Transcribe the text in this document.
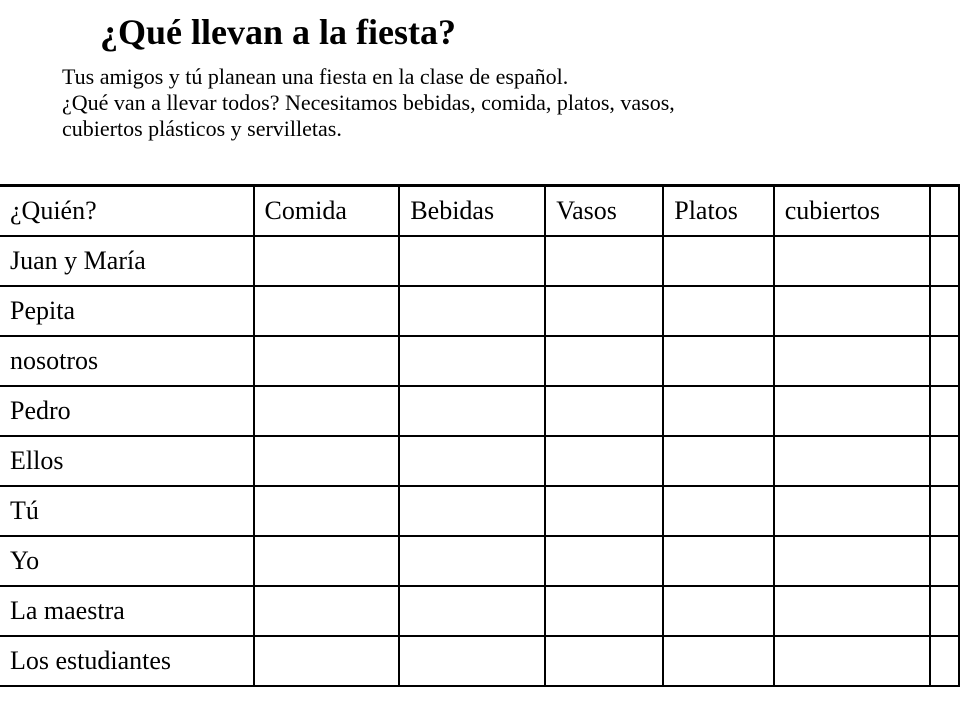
¿Qué llevan a la fiesta?
Tus amigos y tú planean una fiesta en la clase de español.
¿Qué van a llevar todos? Necesitamos bebidas, comida, platos, vasos,
cubiertos plásticos y servilletas.
¿Quién?	Comida	Bebidas	Vasos	Platos	cubiertos	
Juan y María						
Pepita						
nosotros						
Pedro						
Ellos						
Tú						
Yo						
La maestra						
Los estudiantes						
